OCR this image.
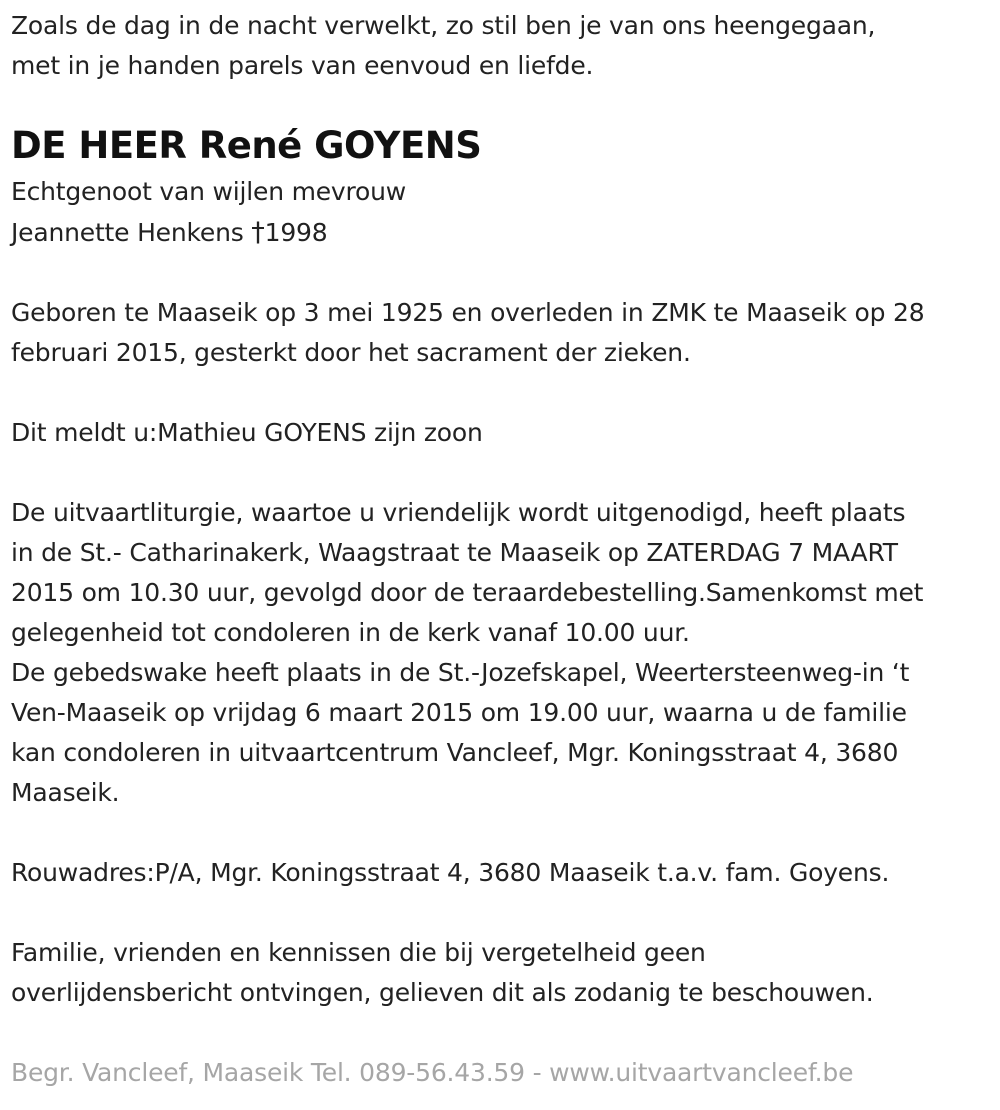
Zoals de dag in de nacht verwelkt, zo stil ben je van ons heengegaan,

met in je handen parels van eenvoud en liefde.

DE HEER René GOYENS

Echtgenoot van wijlen mevrouw

Jeannette Henkens †1998

Geboren te Maaseik op 3 mei 1925 en overleden in ZMK te Maaseik op 28

februari 2015, gesterkt door het sacrament der zieken.

Dit meldt u:Mathieu GOYENS zijn zoon

De uitvaartliturgie, waartoe u vriendelijk wordt uitgenodigd, heeft plaats

in de St.- Catharinakerk, Waagstraat te Maaseik op ZATERDAG 7 MAART

2015 om 10.30 uur, gevolgd door de teraardebestelling.Samenkomst met

gelegenheid tot condoleren in de kerk vanaf 10.00 uur.

De gebedswake heeft plaats in de St.-Jozefskapel, Weertersteenweg-in ‘t

Ven-Maaseik op vrijdag 6 maart 2015 om 19.00 uur, waarna u de familie

kan condoleren in uitvaartcentrum Vancleef, Mgr. Koningsstraat 4, 3680

Maaseik.

Rouwadres:P/A, Mgr. Koningsstraat 4, 3680 Maaseik t.a.v. fam. Goyens.

Familie, vrienden en kennissen die bij vergetelheid geen

overlijdensbericht ontvingen, gelieven dit als zodanig te beschouwen.

Begr. Vancleef, Maaseik Tel. 089-56.43.59 - www.uitvaartvancleef.be
